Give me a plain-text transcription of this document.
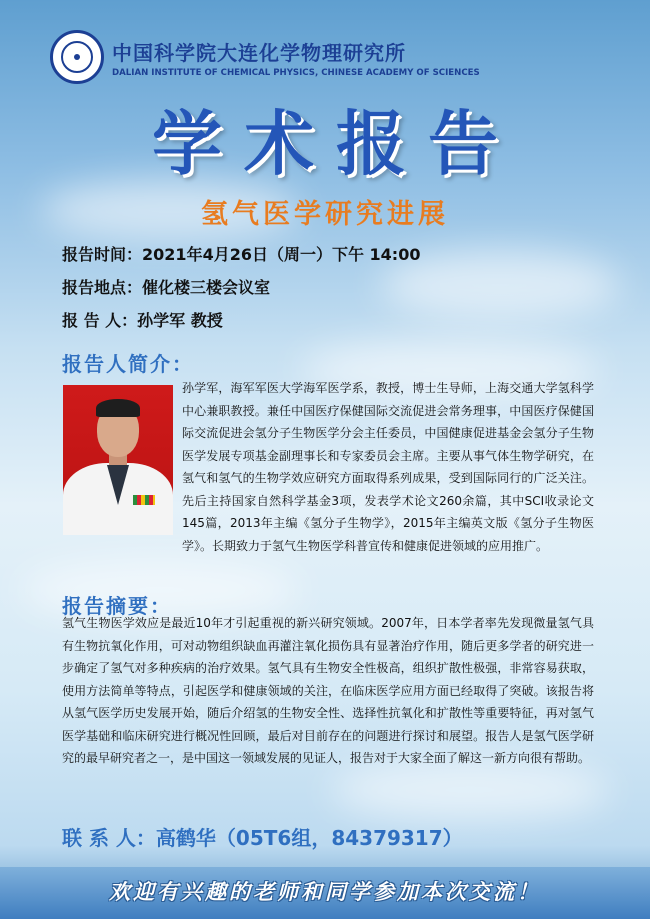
中国科学院大连化学物理研究所
DALIAN INSTITUTE OF CHEMICAL PHYSICS, CHINESE ACADEMY OF SCIENCES
学术报告
氢气医学研究进展
报告时间：2021年4月26日（周一）下午 14:00
报告地点：催化楼三楼会议室
报 告 人：孙学军 教授
报告人简介：
孙学军，海军军医大学海军医学系，教授，博士生导师，上海交通大学氢科学中心兼职教授。兼任中国医疗保健国际交流促进会常务理事，中国医疗保健国际交流促进会氢分子生物医学分会主任委员，中国健康促进基金会氢分子生物医学发展专项基金副理事长和专家委员会主席。主要从事气体生物学研究，在氢气和氢气的生物学效应研究方面取得系列成果，受到国际同行的广泛关注。先后主持国家自然科学基金3项，发表学术论文260余篇，其中SCI收录论文145篇，2013年主编《氢分子生物学》，2015年主编英文版《氢分子生物医学》。长期致力于氢气生物医学科普宣传和健康促进领域的应用推广。
报告摘要：
氢气生物医学效应是最近10年才引起重视的新兴研究领域。2007年，日本学者率先发现微量氢气具有生物抗氧化作用，可对动物组织缺血再灌注氧化损伤具有显著治疗作用，随后更多学者的研究进一步确定了氢气对多种疾病的治疗效果。氢气具有生物安全性极高，组织扩散性极强，非常容易获取，使用方法简单等特点，引起医学和健康领域的关注，在临床医学应用方面已经取得了突破。该报告将从氢气医学历史发展开始，随后介绍氢的生物安全性、选择性抗氧化和扩散性等重要特征，再对氢气医学基础和临床研究进行概况性回顾，最后对目前存在的问题进行探讨和展望。报告人是氢气医学研究的最早研究者之一，是中国这一领域发展的见证人，报告对于大家全面了解这一新方向很有帮助。
联 系 人：高鹤华（05T6组，84379317）
欢迎有兴趣的老师和同学参加本次交流！
